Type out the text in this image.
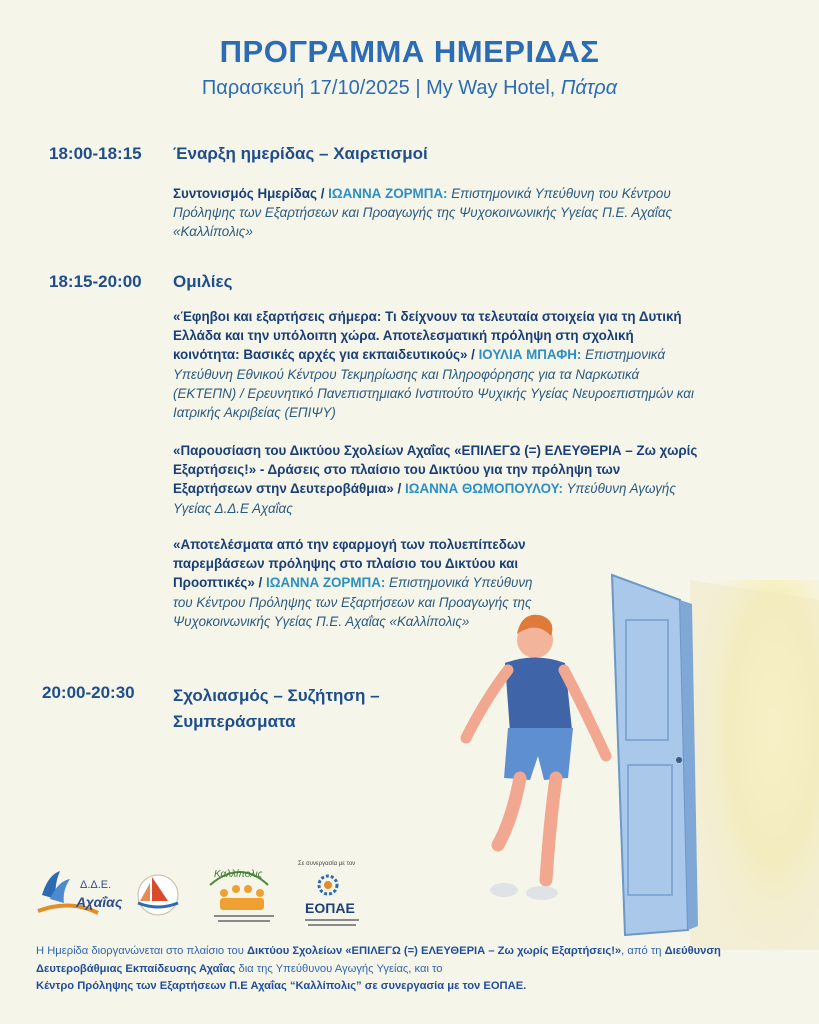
ΠΡΟΓΡΑΜΜΑ ΗΜΕΡΙΔΑΣ
Παρασκευή 17/10/2025 | My Way Hotel, Πάτρα
18:00-18:15 Έναρξη ημερίδας – Χαιρετισμοί
Συντονισμός Ημερίδας / ΙΩΑΝΝΑ ΖΟΡΜΠΑ: Επιστημονικά Υπεύθυνη του Κέντρου Πρόληψης των Εξαρτήσεων και Προαγωγής της Ψυχοκοινωνικής Υγείας Π.Ε. Αχαΐας «Καλλίπολις»
18:15-20:00 Ομιλίες
«Έφηβοι και εξαρτήσεις σήμερα: Τι δείχνουν τα τελευταία στοιχεία για τη Δυτική Ελλάδα και την υπόλοιπη χώρα. Αποτελεσματική πρόληψη στη σχολική κοινότητα: Βασικές αρχές για εκπαιδευτικούς» / ΙΟΥΛΙΑ ΜΠΑΦΗ: Επιστημονικά Υπεύθυνη Εθνικού Κέντρου Τεκμηρίωσης και Πληροφόρησης για τα Ναρκωτικά (ΕΚΤΕΠΝ) / Ερευνητικό Πανεπιστημιακό Ινστιτούτο Ψυχικής Υγείας Νευροεπιστημών και Ιατρικής Ακριβείας (ΕΠΙΨΥ)
«Παρουσίαση του Δικτύου Σχολείων Αχαΐας «ΕΠΙΛΕΓΩ (=) ΕΛΕΥΘΕΡΙΑ – Ζω χωρίς Εξαρτήσεις!» - Δράσεις στο πλαίσιο του Δικτύου για την πρόληψη των Εξαρτήσεων στην Δευτεροβάθμια» / ΙΩΑΝΝΑ ΘΩΜΟΠΟΥΛΟΥ: Υπεύθυνη Αγωγής Υγείας Δ.Δ.Ε Αχαΐας
«Αποτελέσματα από την εφαρμογή των πολυεπίπεδων παρεμβάσεων πρόληψης στο πλαίσιο του Δικτύου και Προοπτικές» / ΙΩΑΝΝΑ ΖΟΡΜΠΑ: Επιστημονικά Υπεύθυνη του Κέντρου Πρόληψης των Εξαρτήσεων και Προαγωγής της Ψυχοκοινωνικής Υγείας Π.Ε. Αχαΐας «Καλλίπολις»
20:00-20:30 Σχολιασμός – Συζήτηση – Συμπεράσματα
Δ.Δ.Ε.
Αχαΐας
Καλλίπολις
Σε συνεργασία με τον
ΕΟΠΑΕ
Η Ημερίδα διοργανώνεται στο πλαίσιο του Δικτύου Σχολείων «ΕΠΙΛΕΓΩ (=) ΕΛΕΥΘΕΡΙΑ – Ζω χωρίς Εξαρτήσεις!», από τη Διεύθυνση Δευτεροβάθμιας Εκπαίδευσης Αχαΐας δια της Υπεύθυνου Αγωγής Υγείας, και το
Κέντρο Πρόληψης των Εξαρτήσεων Π.Ε Αχαΐας “Καλλίπολις” σε συνεργασία με τον ΕΟΠΑΕ.
